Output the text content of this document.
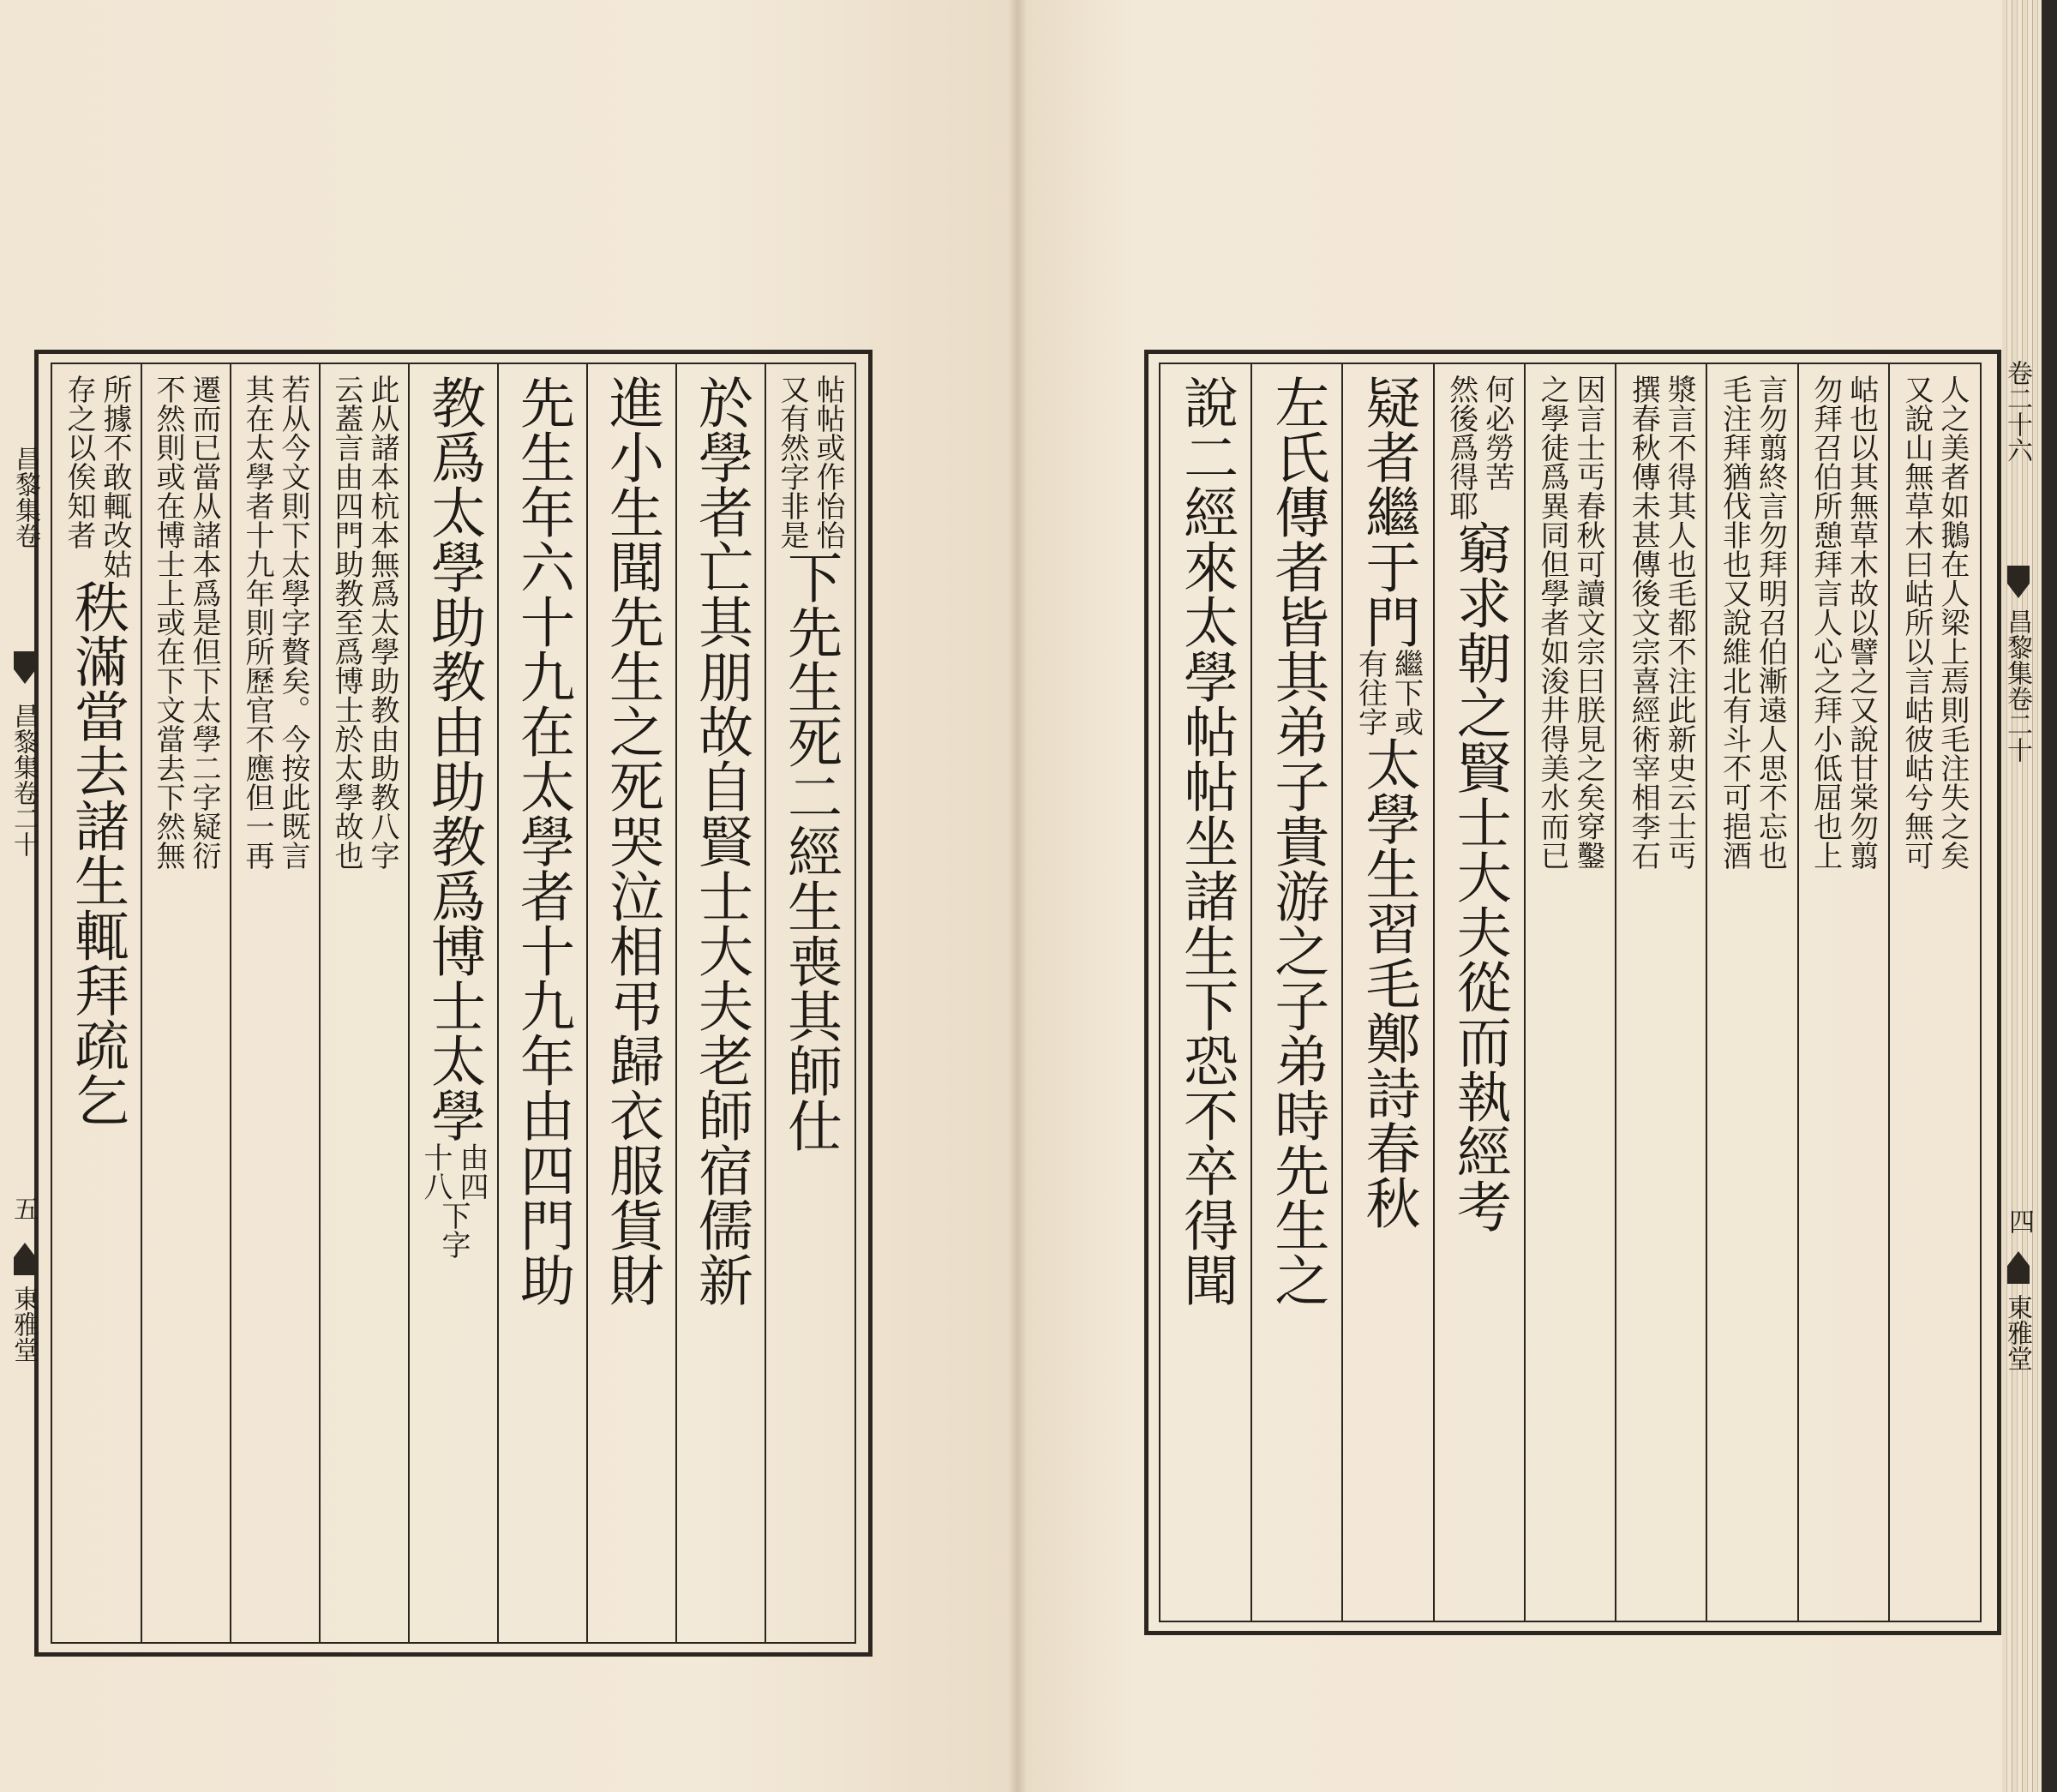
帖帖或作怡怡
又有然字非是
下先生死二經生喪其師仕
於學者亡其朋故自賢士大夫老師宿儒新
進小生聞先生之死哭泣相弔歸衣服貨財
先生年六十九在太學者十九年由四門助
教爲太學助教由助教爲博士太學
由四
十八
下字
此从諸本杭本無爲太學助教由助教八字
云蓋言由四門助教至爲博士於太學故也
若从今文則下太學字贅矣。今按此既言
其在太學者十九年則所歷官不應但一再
遷而已當从諸本爲是但下太學二字疑衍
不然則或在博士上或在下文當去下然無
所據不敢輒改姑
存之以俟知者
秩滿當去諸生輒拜疏乞
昌黎集卷
昌黎集卷二十
五
東雅堂
人之美者如鵝在人梁上焉則毛注失之矣
又說山無草木曰岵所以言岵彼岵兮無可
岵也以其無草木故以譬之又說甘棠勿翦
勿拜召伯所憩拜言人心之拜小低屈也上
言勿翦終言勿拜明召伯漸遠人思不忘也
毛注拜猶伐非也又說維北有斗不可挹酒
漿言不得其人也毛都不注此新史云士丐
撰春秋傳未甚傳後文宗喜經術宰相李石
因言士丐春秋可讀文宗曰朕見之矣穿鑿
之學徒爲異同但學者如浚井得美水而已
何必勞苦
然後爲得耶
窮求朝之賢士大夫從而執經考
疑者繼于門
繼下或
有往字
太學生習毛鄭詩春秋
左氏傳者皆其弟子貴游之子弟時先生之
說二經來太學帖帖坐諸生下恐不卒得聞	卷二十六
昌黎集卷二十
四
東雅堂
